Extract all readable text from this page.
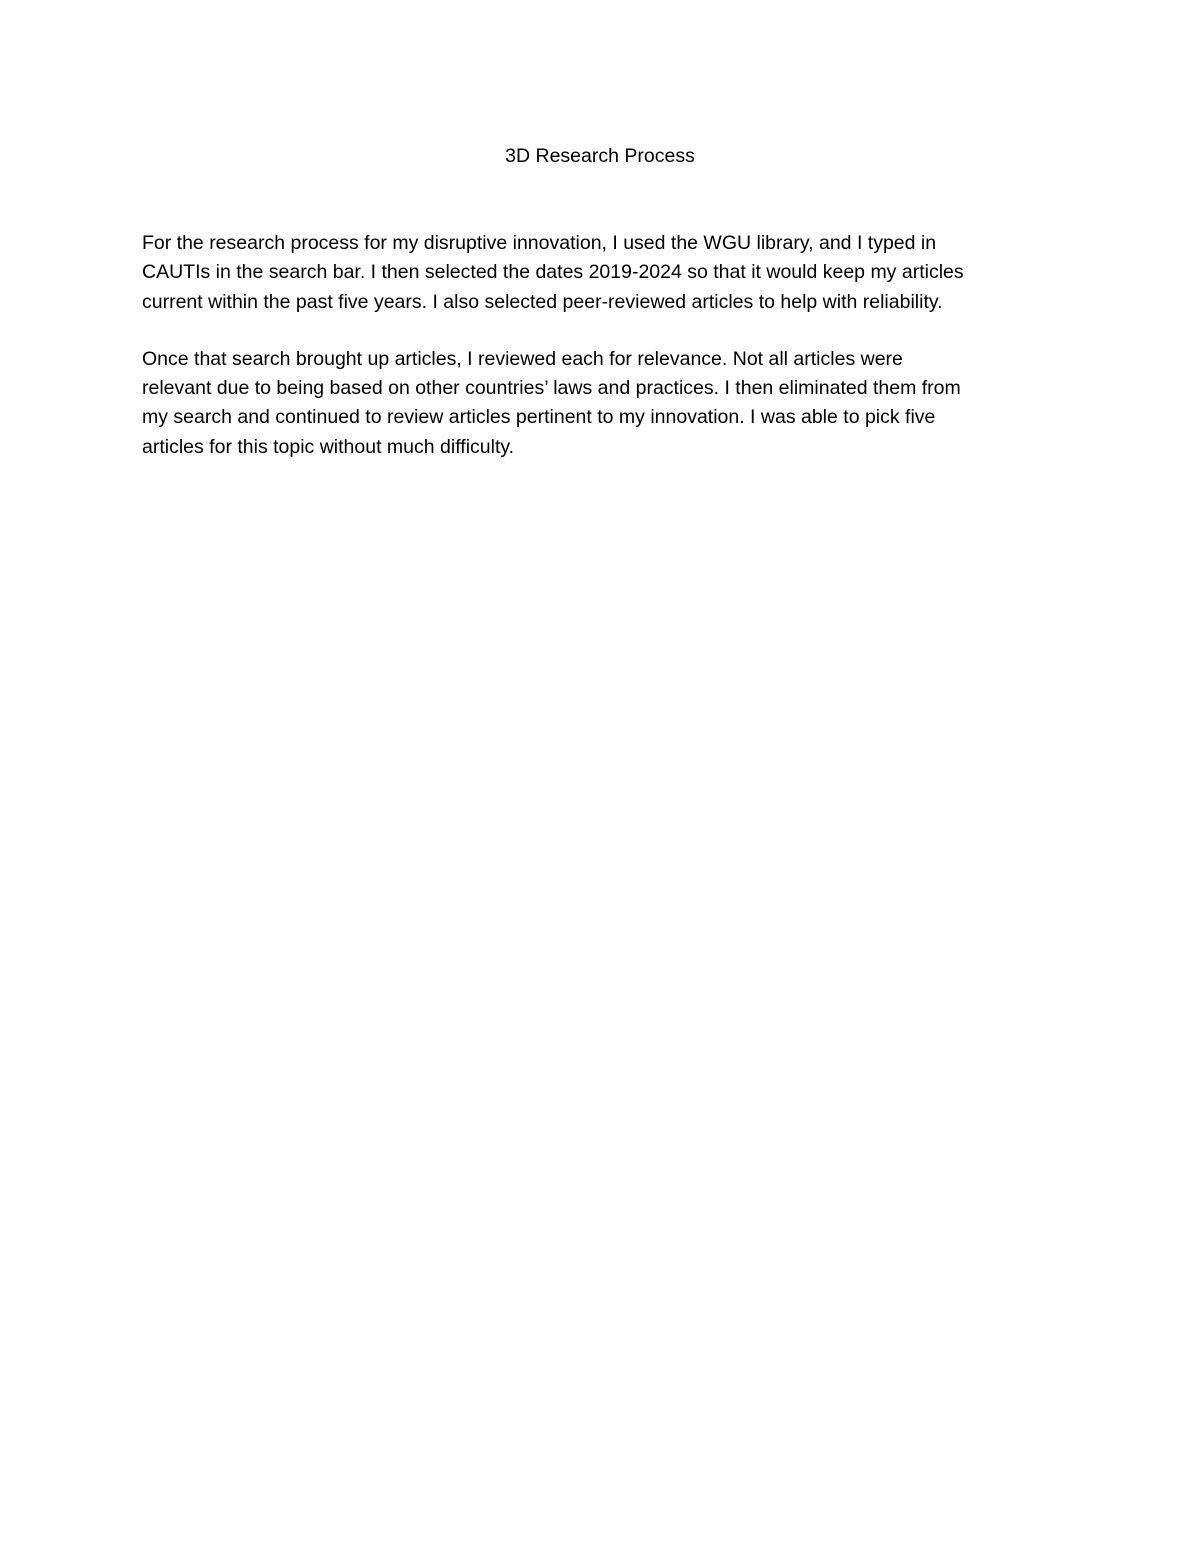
3D Research Process

For the research process for my disruptive innovation, I used the WGU library, and I typed in
CAUTIs in the search bar. I then selected the dates 2019-2024 so that it would keep my articles
current within the past five years. I also selected peer-reviewed articles to help with reliability.

Once that search brought up articles, I reviewed each for relevance. Not all articles were
relevant due to being based on other countries’ laws and practices. I then eliminated them from
my search and continued to review articles pertinent to my innovation. I was able to pick five
articles for this topic without much difficulty.
